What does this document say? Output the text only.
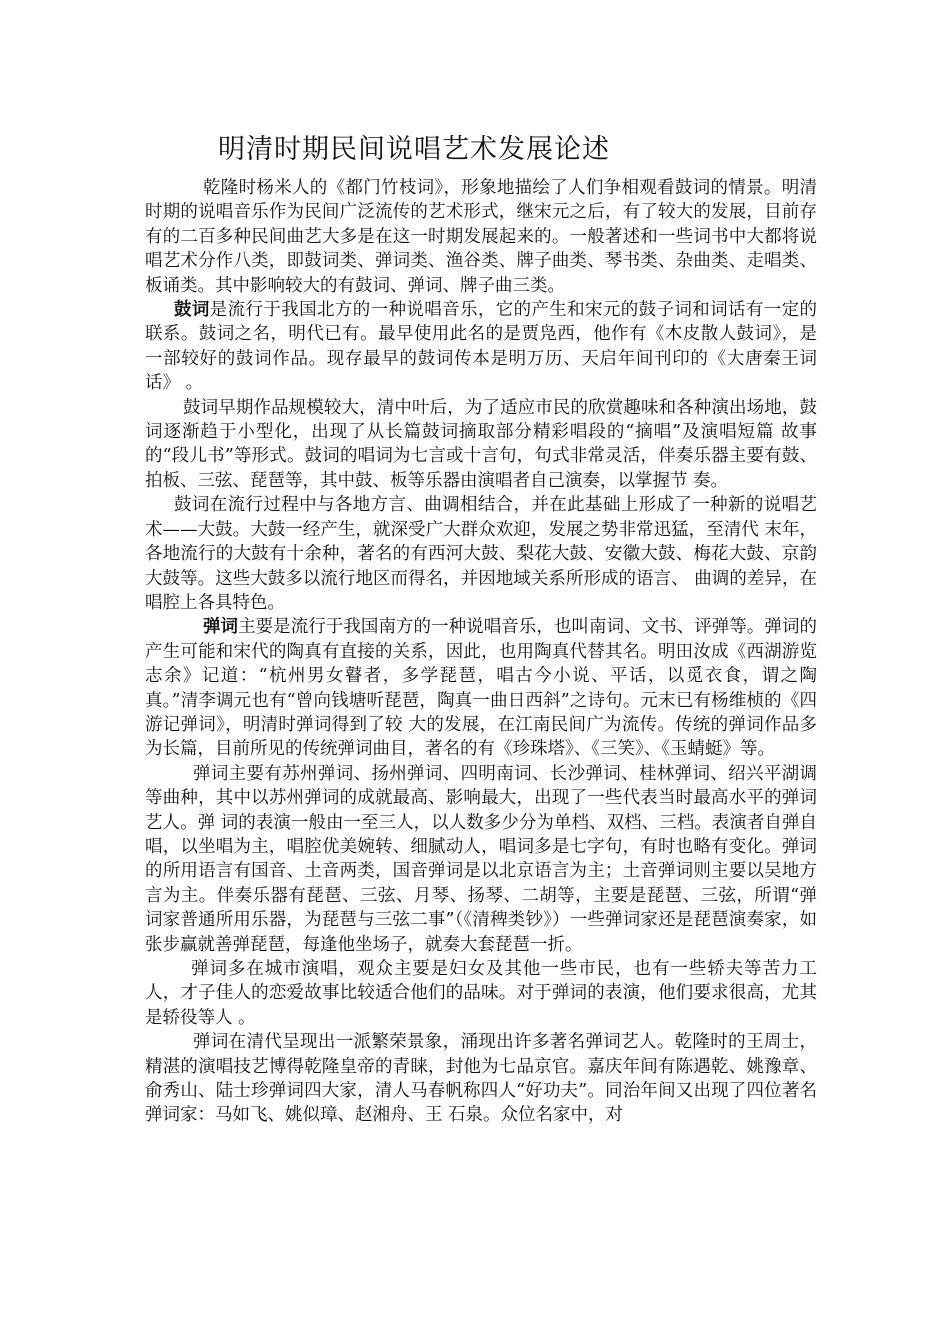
明清时期民间说唱艺术发展论述

乾隆时杨米人的《都门竹枝词》，形象地描绘了人们争相观看鼓词的情景。明清时期的说唱音乐作为民间广泛流传的艺术形式，继宋元之后，有了较大的发展，目前存有的二百多种民间曲艺大多是在这一时期发展起来的。一般著述和一些词书中大都将说唱艺术分作八类，即鼓词类、弹词类、渔谷类、牌子曲类、琴书类、杂曲类、走唱类、板诵类。其中影响较大的有鼓词、弹词、牌子曲三类。

鼓词是流行于我国北方的一种说唱音乐，它的产生和宋元的鼓子词和词话有一定的联系。鼓词之名，明代已有。最早使用此名的是贾凫西，他作有《木皮散人鼓词》，是一部较好的鼓词作品。现存最早的鼓词传本是明万历、天启年间刊印的《大唐秦王词话》 。

鼓词早期作品规模较大，清中叶后，为了适应市民的欣赏趣味和各种演出场地，鼓词逐渐趋于小型化，出现了从长篇鼓词摘取部分精彩唱段的“摘唱”及演唱短篇 故事的“段儿书”等形式。鼓词的唱词为七言或十言句，句式非常灵活，伴奏乐器主要有鼓、拍板、三弦、琵琶等，其中鼓、板等乐器由演唱者自己演奏，以掌握节 奏。

鼓词在流行过程中与各地方言、曲调相结合，并在此基础上形成了一种新的说唱艺术——大鼓。大鼓一经产生，就深受广大群众欢迎，发展之势非常迅猛，至清代 末年，各地流行的大鼓有十余种，著名的有西河大鼓、梨花大鼓、安徽大鼓、梅花大鼓、京韵大鼓等。这些大鼓多以流行地区而得名，并因地域关系所形成的语言、 曲调的差异，在唱腔上各具特色。

弹词主要是流行于我国南方的一种说唱音乐，也叫南词、文书、评弹等。弹词的产生可能和宋代的陶真有直接的关系，因此，也用陶真代替其名。明田汝成《西湖游览志余》记道：“杭州男女瞽者，多学琵琶，唱古今小说、平话，以觅衣食，谓之陶真。”清李调元也有“曾向钱塘听琵琶，陶真一曲日西斜”之诗句。元末已有杨维桢的《四游记弹词》，明清时弹词得到了较 大的发展，在江南民间广为流传。传统的弹词作品多为长篇，目前所见的传统弹词曲目，著名的有《珍珠塔》、《三笑》、《玉蜻蜓》等。

弹词主要有苏州弹词、扬州弹词、四明南词、长沙弹词、桂林弹词、绍兴平湖调等曲种，其中以苏州弹词的成就最高、影响最大，出现了一些代表当时最高水平的弹词艺人。弹 词的表演一般由一至三人，以人数多少分为单档、双档、三档。表演者自弹自唱，以坐唱为主，唱腔优美婉转、细腻动人，唱词多是七字句，有时也略有变化。弹词 的所用语言有国音、土音两类，国音弹词是以北京语言为主；土音弹词则主要以吴地方言为主。伴奏乐器有琵琶、三弦、月琴、扬琴、二胡等，主要是琵琶、三弦，所谓“弹词家普通所用乐器，为琵琶与三弦二事”（《清稗类钞》）一些弹词家还是琵琶演奏家，如张步赢就善弹琵琶，每逢他坐场子，就奏大套琵琶一折。

弹词多在城市演唱，观众主要是妇女及其他一些市民，也有一些轿夫等苦力工人，才子佳人的恋爱故事比较适合他们的品味。对于弹词的表演，他们要求很高，尤其是轿役等人 。

弹词在清代呈现出一派繁荣景象，涌现出许多著名弹词艺人。乾隆时的王周士，精湛的演唱技艺博得乾隆皇帝的青睐，封他为七品京官。嘉庆年间有陈遇乾、姚豫章、俞秀山、陆士珍弹词四大家，清人马春帆称四人“好功夫”。同治年间又出现了四位著名弹词家：马如飞、姚似璋、赵湘舟、王 石泉。众位名家中，对
